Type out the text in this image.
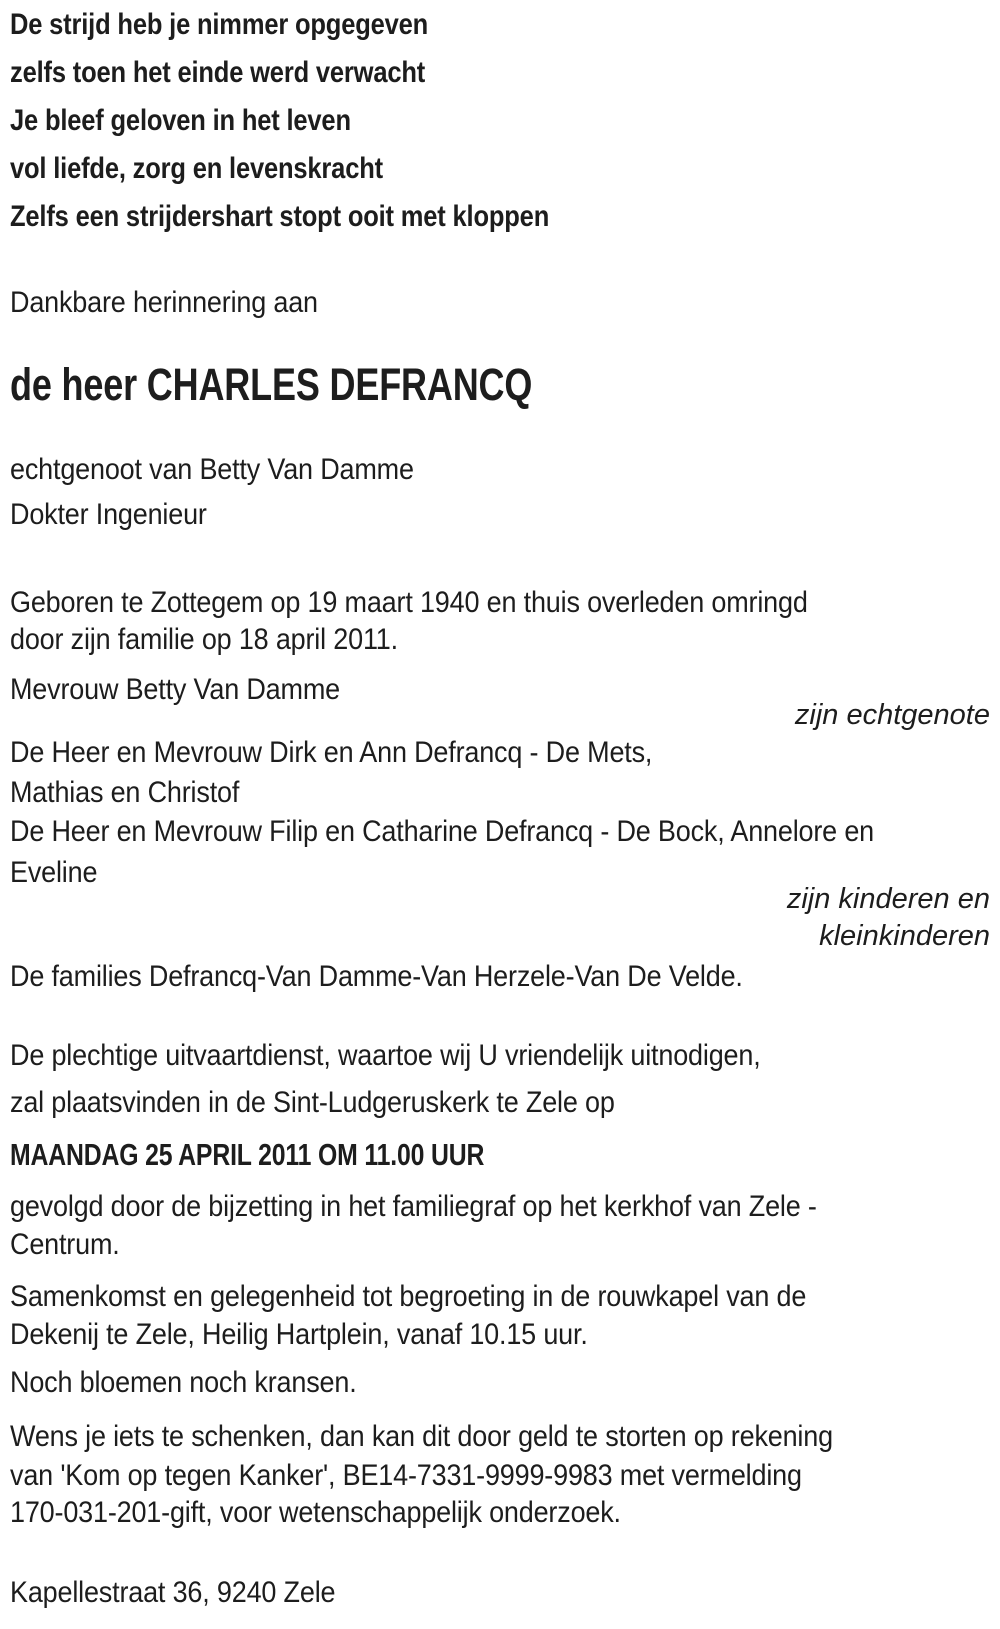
De strijd heb je nimmer opgegeven
zelfs toen het einde werd verwacht
Je bleef geloven in het leven
vol liefde, zorg en levenskracht
Zelfs een strijdershart stopt ooit met kloppen
Dankbare herinnering aan
de heer CHARLES DEFRANCQ
echtgenoot van Betty Van Damme
Dokter Ingenieur
Geboren te Zottegem op 19 maart 1940 en thuis overleden omringd
door zijn familie op 18 april 2011.
Mevrouw Betty Van Damme
zijn echtgenote
De Heer en Mevrouw Dirk en Ann Defrancq - De Mets,
Mathias en Christof
De Heer en Mevrouw Filip en Catharine Defrancq - De Bock, Annelore en
Eveline
zijn kinderen en
kleinkinderen
De families Defrancq-Van Damme-Van Herzele-Van De Velde.
De plechtige uitvaartdienst, waartoe wij U vriendelijk uitnodigen,
zal plaatsvinden in de Sint-Ludgeruskerk te Zele op
MAANDAG 25 APRIL 2011 OM 11.00 UUR
gevolgd door de bijzetting in het familiegraf op het kerkhof van Zele -
Centrum.
Samenkomst en gelegenheid tot begroeting in de rouwkapel van de
Dekenij te Zele, Heilig Hartplein, vanaf 10.15 uur.
Noch bloemen noch kransen.
Wens je iets te schenken, dan kan dit door geld te storten op rekening
van 'Kom op tegen Kanker', BE14-7331-9999-9983 met vermelding
170-031-201-gift, voor wetenschappelijk onderzoek.
Kapellestraat 36, 9240 Zele
